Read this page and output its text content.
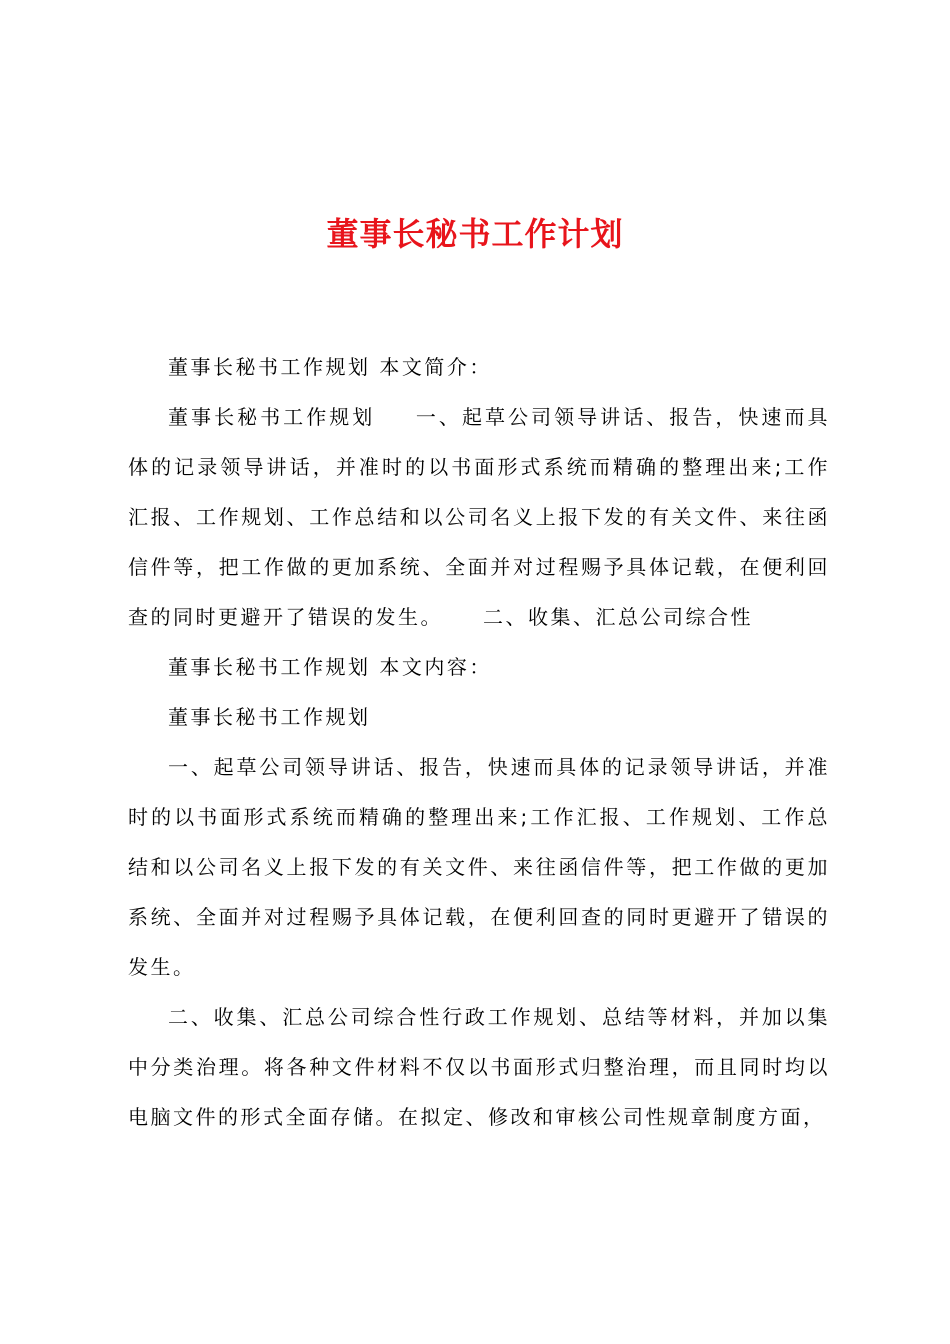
董事长秘书工作计划

董事长秘书工作规划 本文简介：

董事长秘书工作规划 一、起草公司领导讲话、报告，快速而具体的记录领导讲话，并准时的以书面形式系统而精确的整理出来;工作汇报、工作规划、工作总结和以公司名义上报下发的有关文件、来往函信件等，把工作做的更加系统、全面并对过程赐予具体记载，在便利回查的同时更避开了错误的发生。 二、收集、汇总公司综合性

董事长秘书工作规划 本文内容：

董事长秘书工作规划

一、起草公司领导讲话、报告，快速而具体的记录领导讲话，并准时的以书面形式系统而精确的整理出来;工作汇报、工作规划、工作总结和以公司名义上报下发的有关文件、来往函信件等，把工作做的更加系统、全面并对过程赐予具体记载，在便利回查的同时更避开了错误的发生。

二、收集、汇总公司综合性行政工作规划、总结等材料，并加以集中分类治理。将各种文件材料不仅以书面形式归整治理，而且同时均以电脑文件的形式全面存储。在拟定、修改和审核公司性规章制度方面，
